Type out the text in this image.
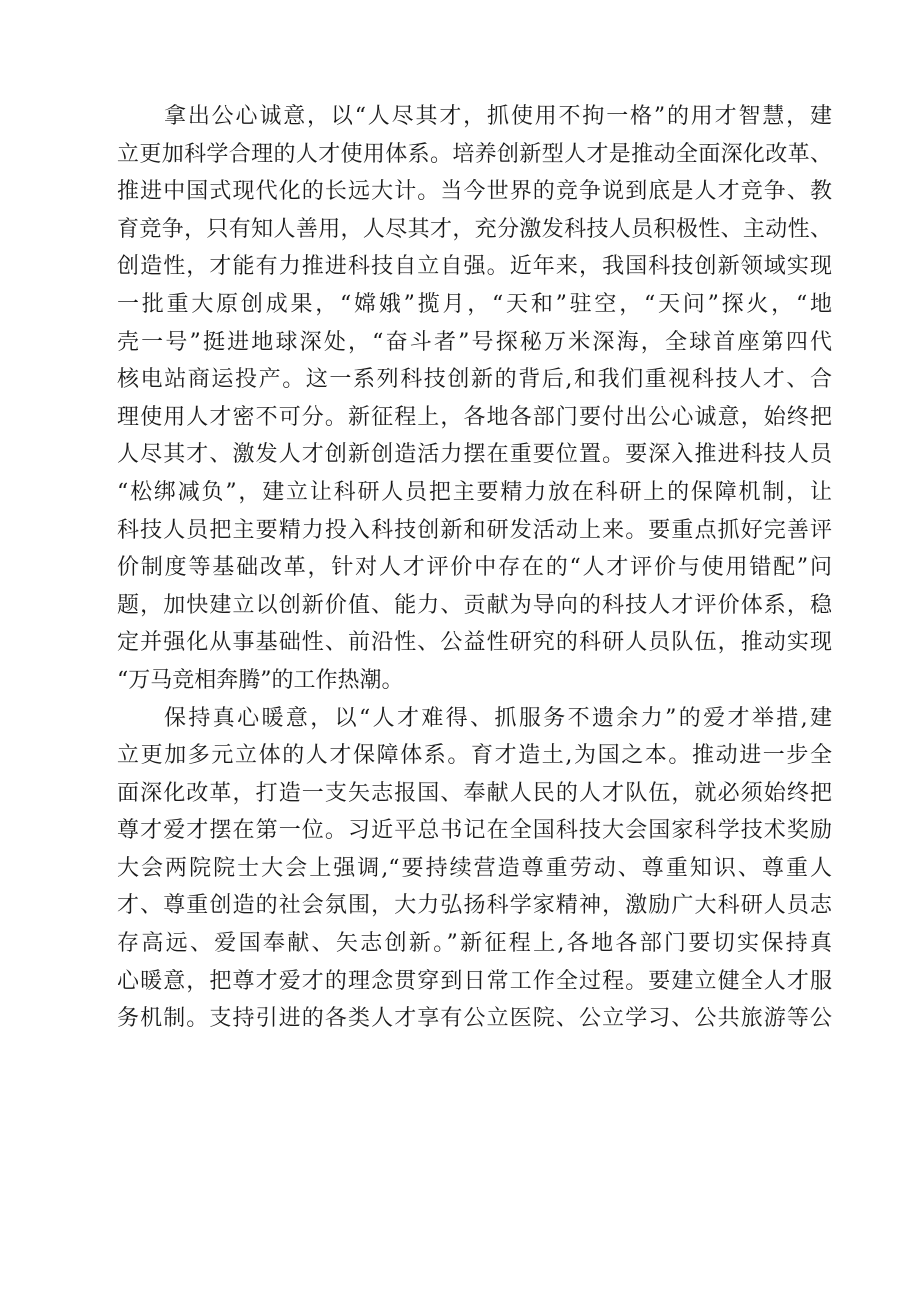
拿出公心诚意，以“人尽其才，抓使用不拘一格”的用才智慧，建
立更加科学合理的人才使用体系。培养创新型人才是推动全面深化改革、
推进中国式现代化的长远大计。当今世界的竞争说到底是人才竞争、教
育竞争，只有知人善用，人尽其才，充分激发科技人员积极性、主动性、
创造性，才能有力推进科技自立自强。近年来，我国科技创新领域实现
一批重大原创成果，“嫦娥”揽月，“天和”驻空，“天问”探火，“地
壳一号”挺进地球深处，“奋斗者”号探秘万米深海，全球首座第四代
核电站商运投产。这一系列科技创新的背后,和我们重视科技人才、合
理使用人才密不可分。新征程上，各地各部门要付出公心诚意，始终把
人尽其才、激发人才创新创造活力摆在重要位置。要深入推进科技人员
“松绑减负”，建立让科研人员把主要精力放在科研上的保障机制，让
科技人员把主要精力投入科技创新和研发活动上来。要重点抓好完善评
价制度等基础改革，针对人才评价中存在的“人才评价与使用错配”问
题，加快建立以创新价值、能力、贡献为导向的科技人才评价体系，稳
定并强化从事基础性、前沿性、公益性研究的科研人员队伍，推动实现
“万马竞相奔腾”的工作热潮。

保持真心暖意，以“人才难得、抓服务不遗余力”的爱才举措,建
立更加多元立体的人才保障体系。育才造土,为国之本。推动进一步全
面深化改革，打造一支矢志报国、奉献人民的人才队伍，就必须始终把
尊才爱才摆在第一位。习近平总书记在全国科技大会国家科学技术奖励
大会两院院士大会上强调,“要持续营造尊重劳动、尊重知识、尊重人
才、尊重创造的社会氛围，大力弘扬科学家精神，激励广大科研人员志
存高远、爱国奉献、矢志创新。”新征程上,各地各部门要切实保持真
心暖意，把尊才爱才的理念贯穿到日常工作全过程。要建立健全人才服
务机制。支持引进的各类人才享有公立医院、公立学习、公共旅游等公
